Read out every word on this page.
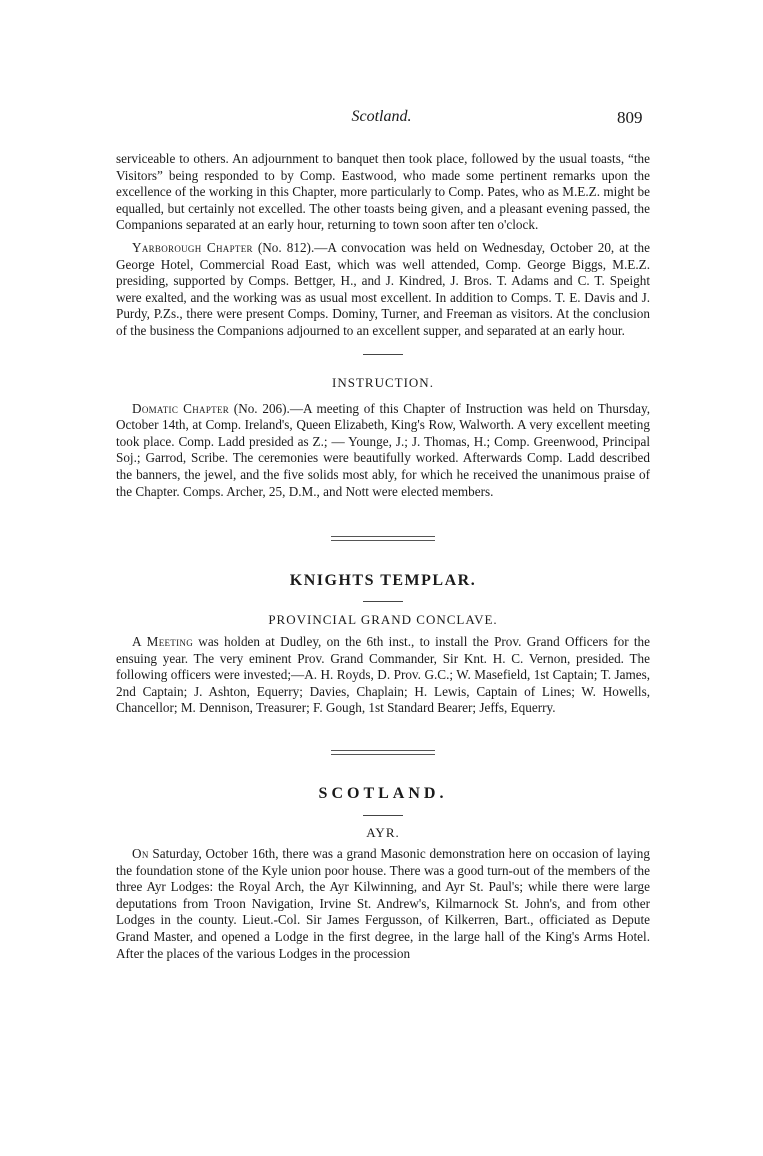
Scotland.	809

serviceable to others. An adjournment to banquet then took place, followed by the usual toasts, “the Visitors” being responded to by Comp. Eastwood, who made some pertinent remarks upon the excellence of the working in this Chapter, more particularly to Comp. Pates, who as M.E.Z. might be equalled, but certainly not excelled. The other toasts being given, and a pleasant evening passed, the Companions separated at an early hour, returning to town soon after ten o'clock.

Yarborough Chapter (No. 812).—A convocation was held on Wednesday, October 20, at the George Hotel, Commercial Road East, which was well attended, Comp. George Biggs, M.E.Z. presiding, supported by Comps. Bettger, H., and J. Kindred, J. Bros. T. Adams and C. T. Speight were exalted, and the working was as usual most excellent. In addition to Comps. T. E. Davis and J. Purdy, P.Zs., there were present Comps. Dominy, Turner, and Freeman as visitors. At the conclusion of the business the Companions adjourned to an excellent supper, and separated at an early hour.

INSTRUCTION.

Domatic Chapter (No. 206).—A meeting of this Chapter of Instruction was held on Thursday, October 14th, at Comp. Ireland's, Queen Elizabeth, King's Row, Walworth. A very excellent meeting took place. Comp. Ladd presided as Z.; — Younge, J.; J. Thomas, H.; Comp. Greenwood, Principal Soj.; Garrod, Scribe. The ceremonies were beautifully worked. Afterwards Comp. Ladd described the banners, the jewel, and the five solids most ably, for which he received the unanimous praise of the Chapter. Comps. Archer, 25, D.M., and Nott were elected members.

KNIGHTS TEMPLAR.
PROVINCIAL GRAND CONCLAVE.

A Meeting was holden at Dudley, on the 6th inst., to install the Prov. Grand Officers for the ensuing year. The very eminent Prov. Grand Commander, Sir Knt. H. C. Vernon, presided. The following officers were invested;—A. H. Royds, D. Prov. G.C.; W. Masefield, 1st Captain; T. James, 2nd Captain; J. Ashton, Equerry; Davies, Chaplain; H. Lewis, Captain of Lines; W. Howells, Chancellor; M. Dennison, Treasurer; F. Gough, 1st Standard Bearer; Jeffs, Equerry.

SCOTLAND.
AYR.

On Saturday, October 16th, there was a grand Masonic demonstration here on occasion of laying the foundation stone of the Kyle union poor house. There was a good turn-out of the members of the three Ayr Lodges: the Royal Arch, the Ayr Kilwinning, and Ayr St. Paul's; while there were large deputations from Troon Navigation, Irvine St. Andrew's, Kilmarnock St. John's, and from other Lodges in the county. Lieut.-Col. Sir James Fergusson, of Kilkerren, Bart., officiated as Depute Grand Master, and opened a Lodge in the first degree, in the large hall of the King's Arms Hotel. After the places of the various Lodges in the procession
